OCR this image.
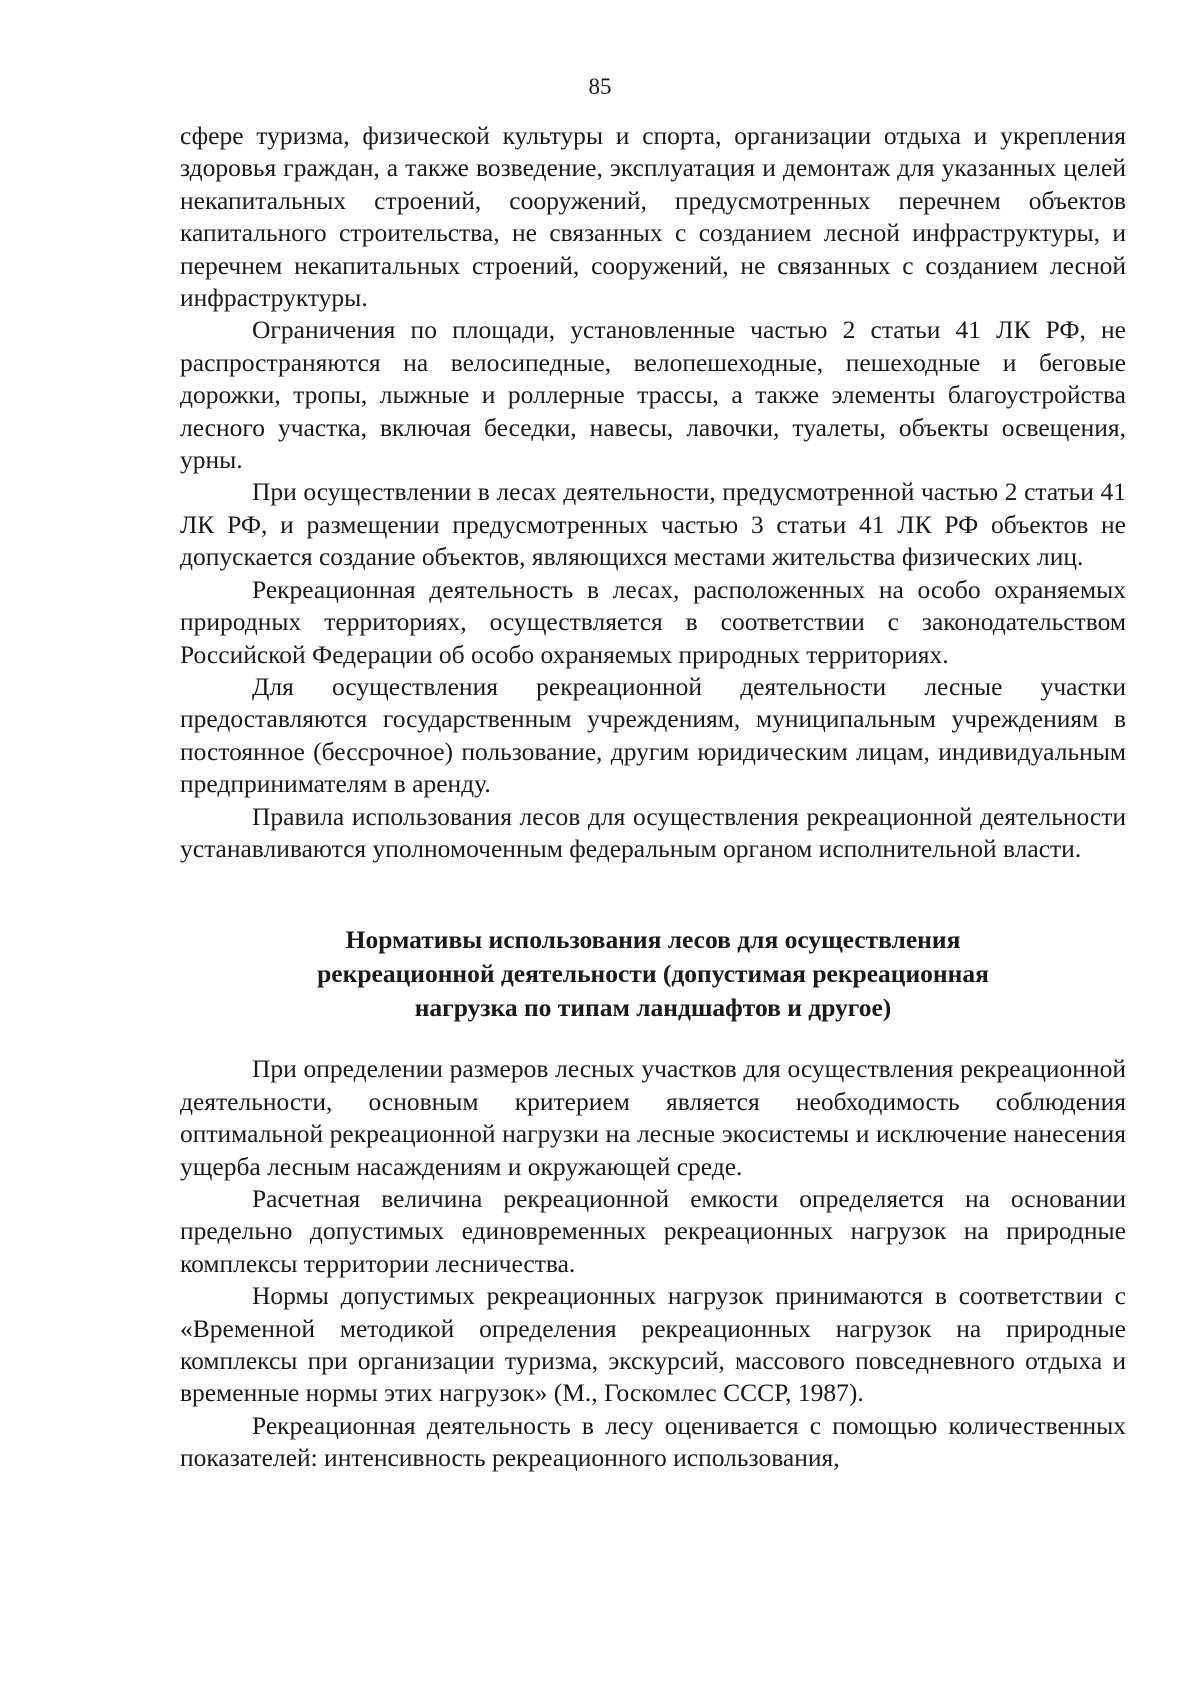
85

сфере туризма, физической культуры и спорта, организации отдыха и укрепления здоровья граждан, а также возведение, эксплуатация и демонтаж для указанных целей некапитальных строений, сооружений, предусмотренных перечнем объектов капитального строительства, не связанных с созданием лесной инфраструктуры, и перечнем некапитальных строений, сооружений, не связанных с созданием лесной инфраструктуры.

Ограничения по площади, установленные частью 2 статьи 41 ЛК РФ, не распространяются на велосипедные, велопешеходные, пешеходные и беговые дорожки, тропы, лыжные и роллерные трассы, а также элементы благоустройства лесного участка, включая беседки, навесы, лавочки, туалеты, объекты освещения, урны.

При осуществлении в лесах деятельности, предусмотренной частью 2 статьи 41 ЛК РФ, и размещении предусмотренных частью 3 статьи 41 ЛК РФ объектов не допускается создание объектов, являющихся местами жительства физических лиц.

Рекреационная деятельность в лесах, расположенных на особо охраняемых природных территориях, осуществляется в соответствии с законодательством Российской Федерации об особо охраняемых природных территориях.

Для осуществления рекреационной деятельности лесные участки предоставляются государственным учреждениям, муниципальным учреждениям в постоянное (бессрочное) пользование, другим юридическим лицам, индивидуальным предпринимателям в аренду.

Правила использования лесов для осуществления рекреационной деятельности устанавливаются уполномоченным федеральным органом исполнительной власти.

Нормативы использования лесов для осуществления
рекреационной деятельности (допустимая рекреационная
нагрузка по типам ландшафтов и другое)

При определении размеров лесных участков для осуществления рекреационной деятельности, основным критерием является необходимость соблюдения оптимальной рекреационной нагрузки на лесные экосистемы и исключение нанесения ущерба лесным насаждениям и окружающей среде.

Расчетная величина рекреационной емкости определяется на основании предельно допустимых единовременных рекреационных нагрузок на природные комплексы территории лесничества.

Нормы допустимых рекреационных нагрузок принимаются в соответствии с «Временной методикой определения рекреационных нагрузок на природные комплексы при организации туризма, экскурсий, массового повседневного отдыха и временные нормы этих нагрузок» (М., Госкомлес СССР, 1987).

Рекреационная деятельность в лесу оценивается с помощью количественных показателей: интенсивность рекреационного использования,
